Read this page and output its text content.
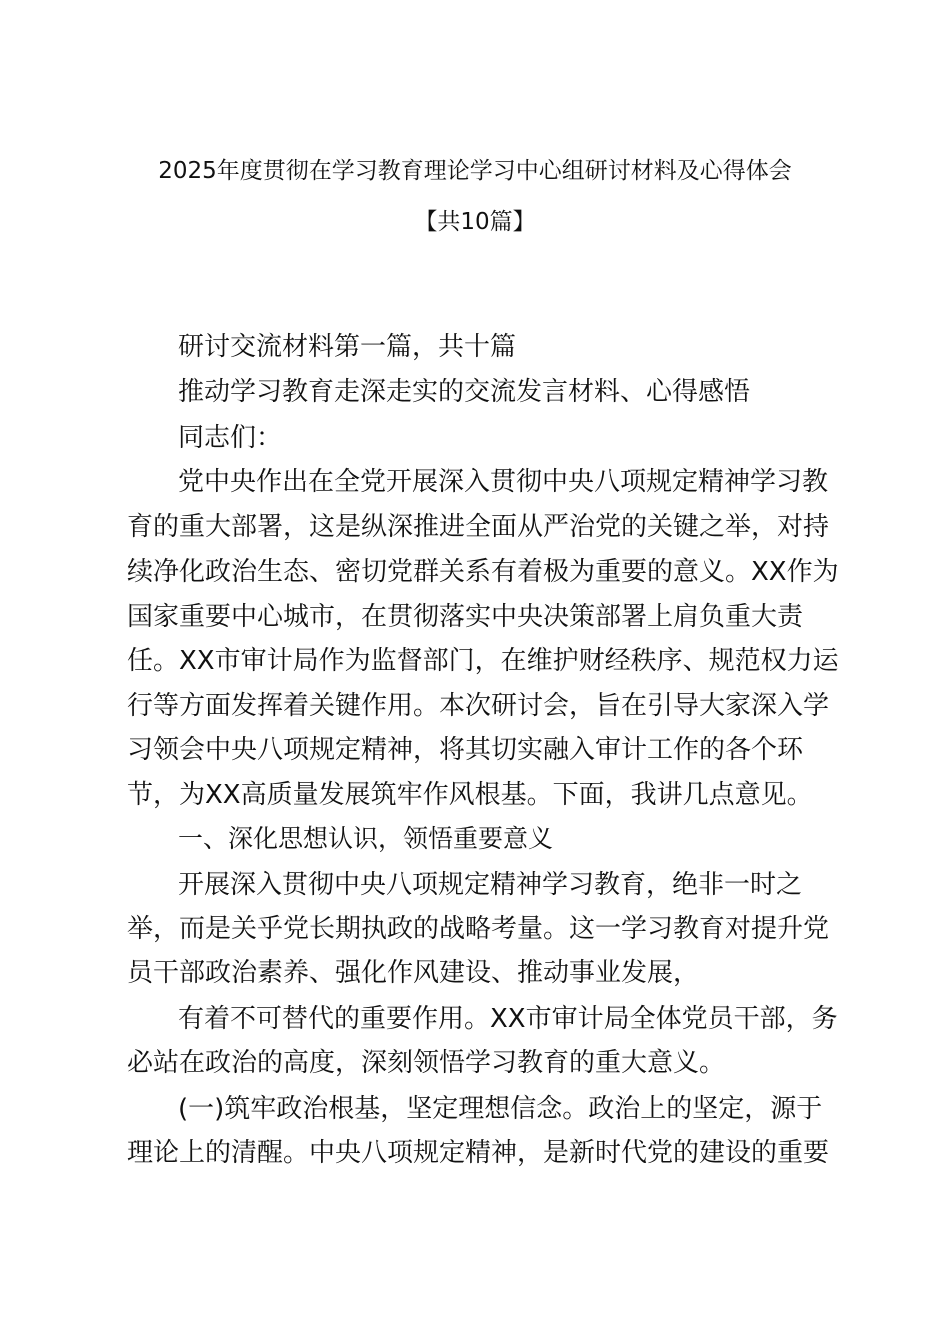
2025年度贯彻在学习教育理论学习中心组研讨材料及心得体会
【共10篇】
研讨交流材料第一篇，共十篇
推动学习教育走深走实的交流发言材料、心得感悟
同志们：
党中央作出在全党开展深入贯彻中央八项规定精神学习教
育的重大部署，这是纵深推进全面从严治党的关键之举，对持
续净化政治生态、密切党群关系有着极为重要的意义。XX作为
国家重要中心城市，在贯彻落实中央决策部署上肩负重大责
任。XX市审计局作为监督部门，在维护财经秩序、规范权力运
行等方面发挥着关键作用。本次研讨会，旨在引导大家深入学
习领会中央八项规定精神，将其切实融入审计工作的各个环
节，为XX高质量发展筑牢作风根基。下面，我讲几点意见。
一、深化思想认识，领悟重要意义
开展深入贯彻中央八项规定精神学习教育，绝非一时之
举，而是关乎党长期执政的战略考量。这一学习教育对提升党
员干部政治素养、强化作风建设、推动事业发展，
有着不可替代的重要作用。XX市审计局全体党员干部，务
必站在政治的高度，深刻领悟学习教育的重大意义。
(一)筑牢政治根基，坚定理想信念。政治上的坚定，源于
理论上的清醒。中央八项规定精神，是新时代党的建设的重要
